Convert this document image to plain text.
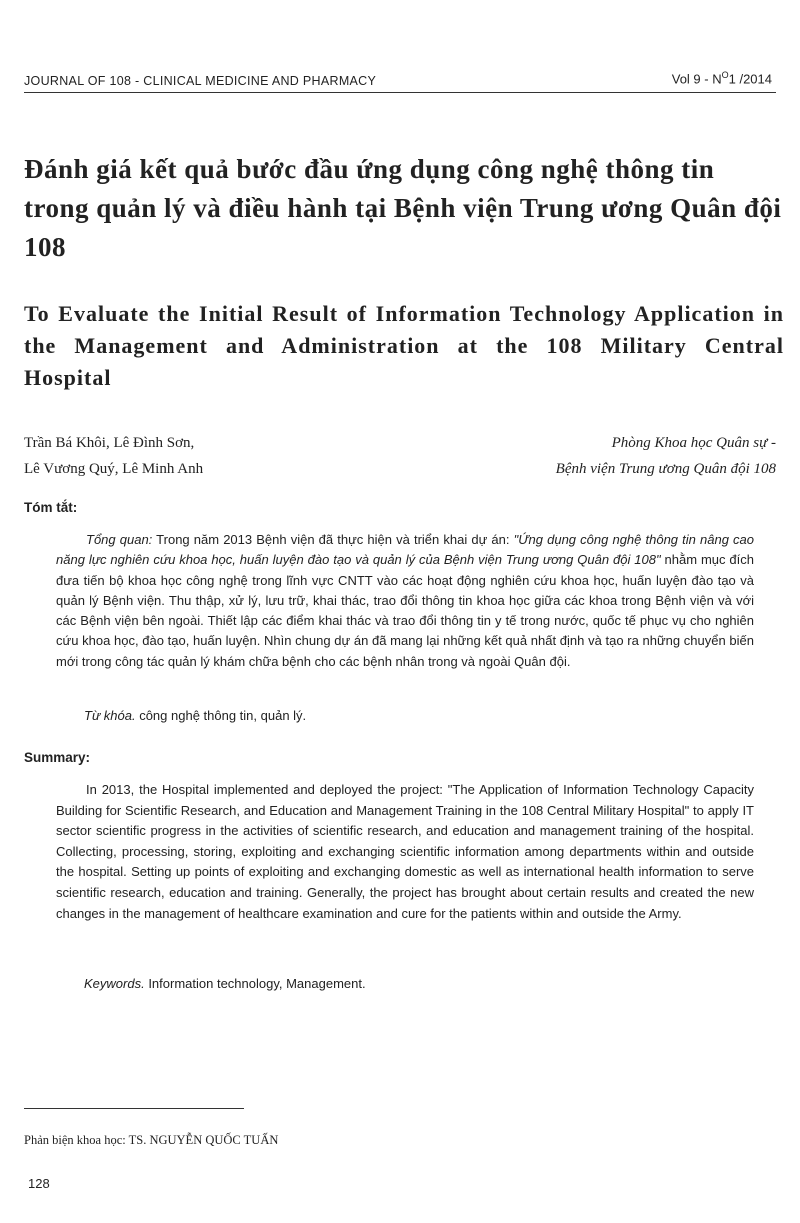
JOURNAL OF 108 - CLINICAL MEDICINE AND PHARMACY	Vol $9 - N^O1$ /2014
Đánh giá kết quả bước đầu ứng dụng công nghệ thông tin trong quản lý và điều hành tại Bệnh viện Trung ương Quân đội 108
To Evaluate the Initial Result of Information Technology Application in the Management and Administration at the 108 Military Central Hospital
Trần Bá Khôi, Lê Đình Sơn,
Lê Vương Quý, Lê Minh Anh
Phòng Khoa học Quân sự -
Bệnh viện Trung ương Quân đội 108
Tóm tắt:

Tổng quan: Trong năm 2013 Bệnh viện đã thực hiện và triển khai dự án: "Ứng dụng công nghệ thông tin nâng cao năng lực nghiên cứu khoa học, huấn luyện đào tạo và quản lý của Bệnh viện Trung ương Quân đội 108" nhằm mục đích đưa tiến bộ khoa học công nghệ trong lĩnh vực CNTT vào các hoạt động nghiên cứu khoa học, huấn luyện đào tạo và quản lý Bệnh viện. Thu thập, xử lý, lưu trữ, khai thác, trao đổi thông tin khoa học giữa các khoa trong Bệnh viện và với các Bệnh viện bên ngoài. Thiết lập các điểm khai thác và trao đổi thông tin y tế trong nước, quốc tế phục vụ cho nghiên cứu khoa học, đào tạo, huấn luyện. Nhìn chung dự án đã mang lại những kết quả nhất định và tạo ra những chuyển biến mới trong công tác quản lý khám chữa bệnh cho các bệnh nhân trong và ngoài Quân đội.

Từ khóa. công nghệ thông tin, quản lý.
Summary:

In 2013, the Hospital implemented and deployed the project: "The Application of Information Technology Capacity Building for Scientific Research, and Education and Management Training in the 108 Central Military Hospital" to apply IT sector scientific progress in the activities of scientific research, and education and management training of the hospital. Collecting, processing, storing, exploiting and exchanging scientific information among departments within and outside the hospital. Setting up points of exploiting and exchanging domestic as well as international health information to serve scientific research, education and training. Generally, the project has brought about certain results and created the new changes in the management of healthcare examination and cure for the patients within and outside the Army.

Keywords. Information technology, Management.
Phản biện khoa học: TS. NGUYỄN QUỐC TUẤN
128
